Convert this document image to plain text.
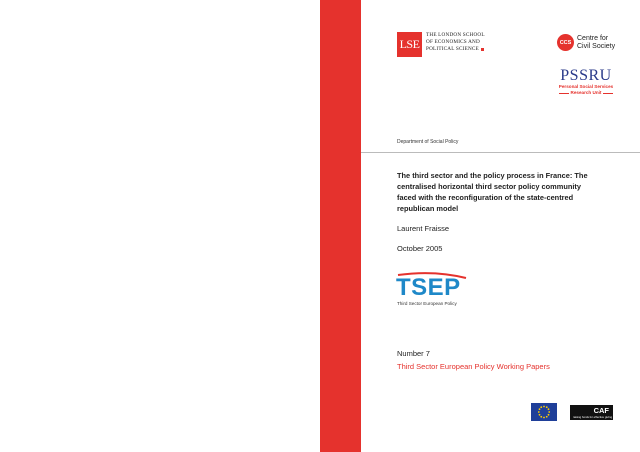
LSE
THE LONDON SCHOOL
OF ECONOMICS AND
POLITICAL SCIENCE
CCS
Centre for
Civil Society
PSSRU
Personal Social Services
Research Unit
Department of Social Policy
The third sector and the policy process in France: The centralised horizontal third sector policy community faced with the reconfiguration of the state-centred republican model
Laurent Fraisse
October 2005
TSEP
Third Sector European Policy
Number 7
Third Sector European Policy Working Papers
CAF
raising funds for effective giving
